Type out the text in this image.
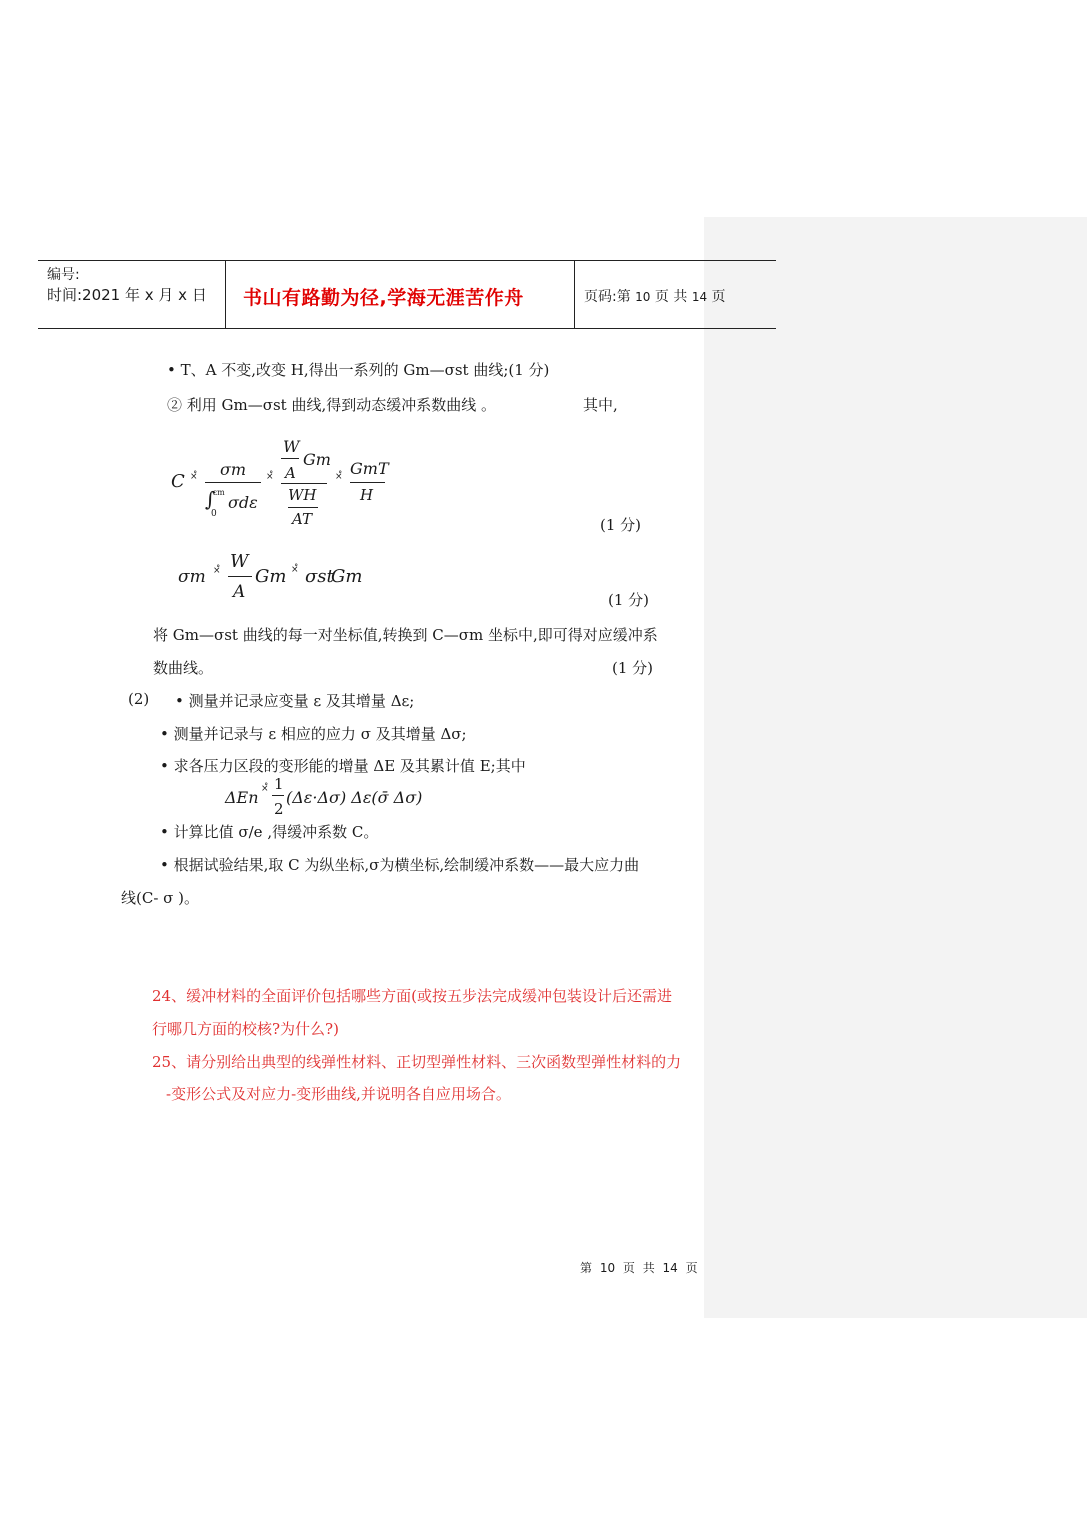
编号:
时间:2021 年 x 月 x 日 书山有路勤为径,学海无涯苦作舟	页码:第 10 页 共 14 页
• T、A 不变,改变 H,得出一系列的 Gm—σst 曲线;(1 分)
② 利用 Gm—σst 曲线,得到动态缓冲系数曲线 。	其中,
C ×̊ σm
∫
εm
0
σdε
×̊
W
A
Gm
WH
AT
×̊ GmT
H
(1 分)
σm ×̊ W
A
Gm ×̊ σst
Gm
(1 分)
将 Gm—σst 曲线的每一对坐标值,转换到 C—σm 坐标中,即可得对应缓冲系
数曲线。	(1 分)
(2) • 测量并记录应变量 ε 及其增量 Δε;
• 测量并记录与 ε 相应的应力 σ 及其增量 Δσ;
• 求各压力区段的变形能的增量 ΔE 及其累计值 E;其中
ΔEn ×̊ 1
2
(Δε·Δσ) Δε(σ̄ Δσ)
• 计算比值 σ/e ,得缓冲系数 C。
• 根据试验结果,取 C 为纵坐标,σ为横坐标,绘制缓冲系数——最大应力曲
线(C- σ )。
24、缓冲材料的全面评价包括哪些方面(或按五步法完成缓冲包装设计后还需进
行哪几方面的校核?为什么?)
25、请分别给出典型的线弹性材料、正切型弹性材料、三次函数型弹性材料的力
-变形公式及对应力-变形曲线,并说明各自应用场合。
第 10 页 共 14 页
